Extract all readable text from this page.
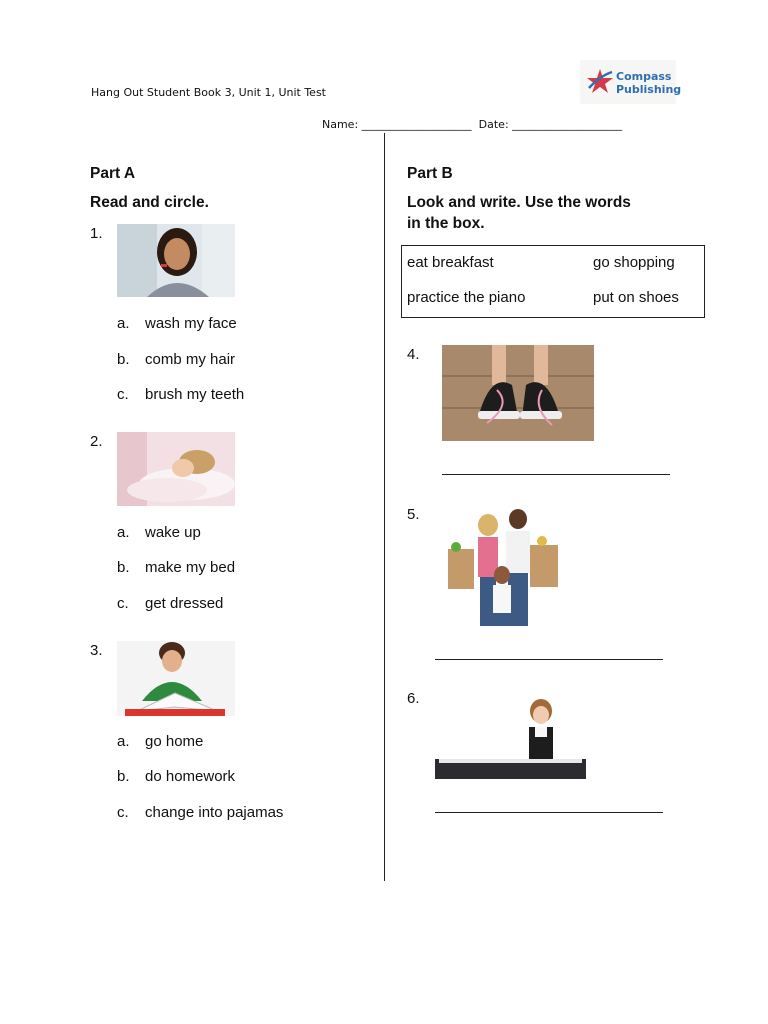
Hang Out Student Book 3, Unit 1, Unit Test
Compass
Publishing
Name: ____________________  Date: ____________________
Part A
Read and circle.
1.
a. wash my face
b. comb my hair
c. brush my teeth
2.
a. wake up
b. make my bed
c. get dressed
3.
a. go home
b. do homework
c. change into pajamas
Part B
Look and write. Use the words
in the box.
eat breakfast	go shopping
practice the piano	put on shoes
4.
5.
6.
